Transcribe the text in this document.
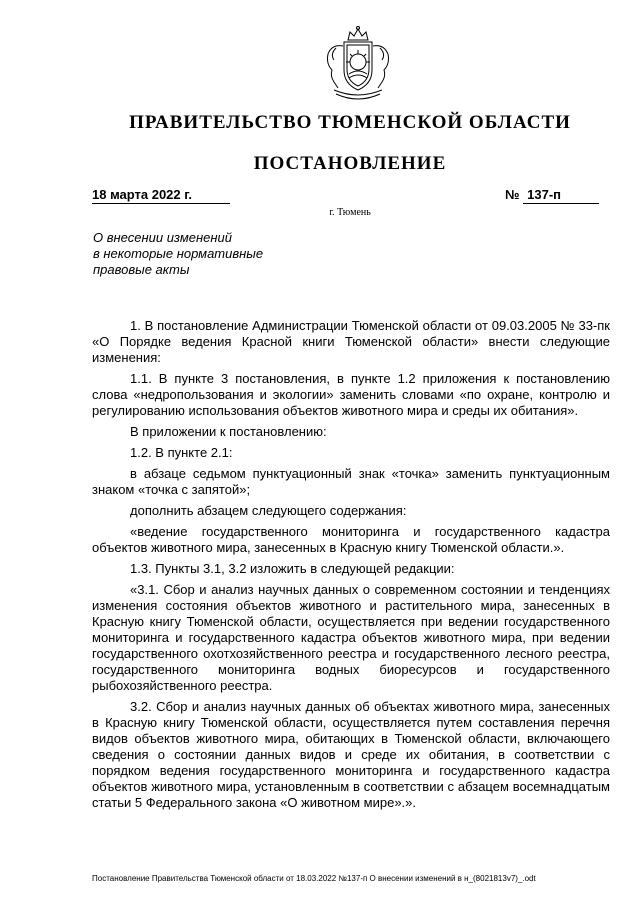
ПРАВИТЕЛЬСТВО ТЮМЕНСКОЙ ОБЛАСТИ
ПОСТАНОВЛЕНИЕ
18 марта 2022 г.	№ 137-п
г. Тюмень
О внесении изменений
в некоторые нормативные
правовые акты

1. В постановление Администрации Тюменской области от 09.03.2005 № 33-пк «О Порядке ведения Красной книги Тюменской области» внести следующие изменения:

1.1. В пункте 3 постановления, в пункте 1.2 приложения к постановлению слова «недропользования и экологии» заменить словами «по охране, контролю и регулированию использования объектов животного мира и среды их обитания».

В приложении к постановлению:

1.2. В пункте 2.1:

в абзаце седьмом пунктуационный знак «точка» заменить пунктуационным знаком «точка с запятой»;

дополнить абзацем следующего содержания:

«ведение государственного мониторинга и государственного кадастра объектов животного мира, занесенных в Красную книгу Тюменской области.».

1.3. Пункты 3.1, 3.2 изложить в следующей редакции:

«3.1. Сбор и анализ научных данных о современном состоянии и тенденциях изменения состояния объектов животного и растительного мира, занесенных в Красную книгу Тюменской области, осуществляется при ведении государственного мониторинга и государственного кадастра объектов животного мира, при ведении государственного охотхозяйственного реестра и государственного лесного реестра, государственного мониторинга водных биоресурсов и государственного рыбохозяйственного реестра.

3.2. Сбор и анализ научных данных об объектах животного мира, занесенных в Красную книгу Тюменской области, осуществляется путем составления перечня видов объектов животного мира, обитающих в Тюменской области, включающего сведения о состоянии данных видов и среде их обитания, в соответствии с порядком ведения государственного мониторинга и государственного кадастра объектов животного мира, установленным в соответствии с абзацем восемнадцатым статьи 5 Федерального закона «О животном мире».».

Постановление Правительства Тюменской области от 18.03.2022 №137-п О внесении изменений в н_(8021813v7)_.odt
